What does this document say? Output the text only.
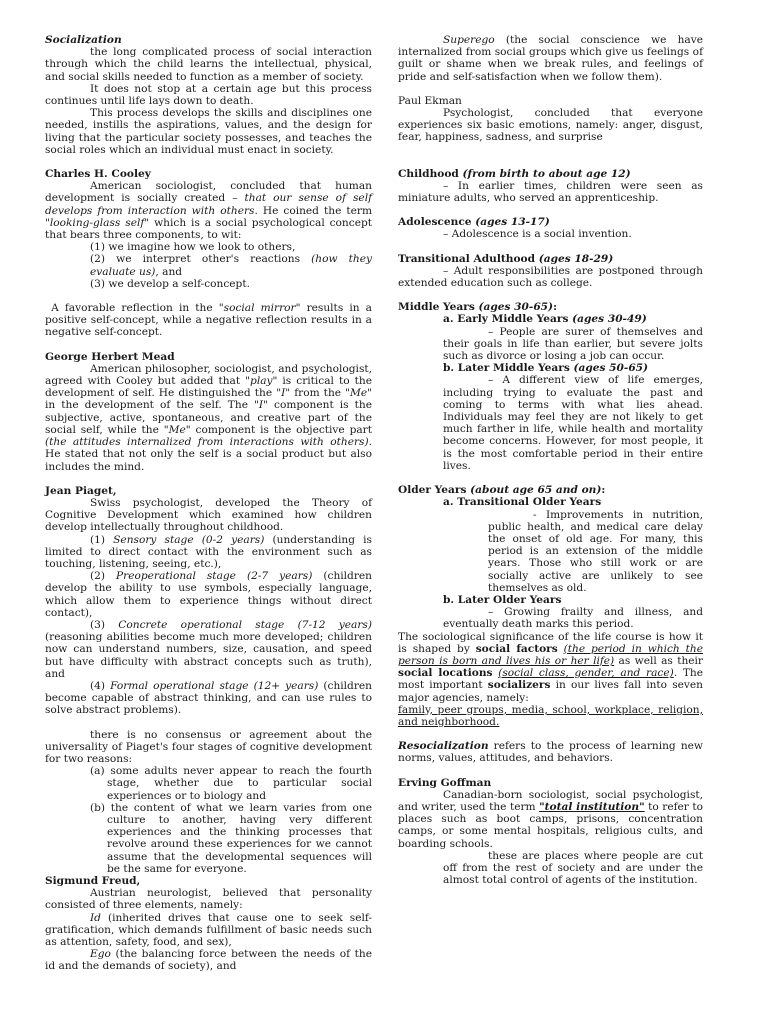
Socialization

the long complicated process of social interaction through which the child learns the intellectual, physical, and social skills needed to function as a member of society.

It does not stop at a certain age but this process continues until life lays down to death.

This process develops the skills and disciplines one needed, instills the aspirations, values, and the design for living that the particular society possesses, and teaches the social roles which an individual must enact in society.

Charles H. Cooley

American sociologist, concluded that human development is socially created – that our sense of self develops from interaction with others. He coined the term "looking-glass self" which is a social psychological concept that bears three components, to wit:

(1) we imagine how we look to others,

(2) we interpret other's reactions (how they evaluate us), and

(3) we develop a self-concept.

A favorable reflection in the "social mirror" results in a positive self-concept, while a negative reflection results in a negative self-concept.

George Herbert Mead

American philosopher, sociologist, and psychologist, agreed with Cooley but added that "play" is critical to the development of self. He distinguished the "I" from the "Me" in the development of the self. The "I" component is the subjective, active, spontaneous, and creative part of the social self, while the "Me" component is the objective part (the attitudes internalized from interactions with others). He stated that not only the self is a social product but also includes the mind.

Jean Piaget,

Swiss psychologist, developed the Theory of Cognitive Development which examined how children develop intellectually throughout childhood.

(1) Sensory stage (0-2 years) (understanding is limited to direct contact with the environment such as touching, listening, seeing, etc.),

(2) Preoperational stage (2-7 years) (children develop the ability to use symbols, especially language, which allow them to experience things without direct contact),

(3) Concrete operational stage (7-12 years) (reasoning abilities become much more developed; children now can understand numbers, size, causation, and speed but have difficulty with abstract concepts such as truth), and

(4) Formal operational stage (12+ years) (children become capable of abstract thinking, and can use rules to solve abstract problems).

there is no consensus or agreement about the universality of Piaget's four stages of cognitive development for two reasons:

(a) some adults never appear to reach the fourth stage, whether due to particular social experiences or to biology and

(b) the content of what we learn varies from one culture to another, having very different experiences and the thinking processes that revolve around these experiences for we cannot assume that the developmental sequences will be the same for everyone.

Sigmund Freud,

Austrian neurologist, believed that personality consisted of three elements, namely:

Id (inherited drives that cause one to seek self-gratification, which demands fulfillment of basic needs such as attention, safety, food, and sex),

Ego (the balancing force between the needs of the id and the demands of society), and

Superego (the social conscience we have internalized from social groups which give us feelings of guilt or shame when we break rules, and feelings of pride and self-satisfaction when we follow them).

Paul Ekman

Psychologist, concluded that everyone experiences six basic emotions, namely: anger, disgust, fear, happiness, sadness, and surprise

Childhood (from birth to about age 12)

– In earlier times, children were seen as miniature adults, who served an apprenticeship.

Adolescence (ages 13-17)

– Adolescence is a social invention.

Transitional Adulthood (ages 18-29)

– Adult responsibilities are postponed through extended education such as college.

Middle Years (ages 30-65):

a. Early Middle Years (ages 30-49)

– People are surer of themselves and their goals in life than earlier, but severe jolts such as divorce or losing a job can occur.

b. Later Middle Years (ages 50-65)

– A different view of life emerges, including trying to evaluate the past and coming to terms with what lies ahead. Individuals may feel they are not likely to get much farther in life, while health and mortality become concerns. However, for most people, it is the most comfortable period in their entire lives.

Older Years (about age 65 and on):

a. Transitional Older Years

- Improvements in nutrition, public health, and medical care delay the onset of old age. For many, this period is an extension of the middle years. Those who still work or are socially active are unlikely to see themselves as old.

b. Later Older Years

– Growing frailty and illness, and eventually death marks this period.

The sociological significance of the life course is how it is shaped by social factors (the period in which the person is born and lives his or her life) as well as their social locations (social class, gender, and race). The most important socializers in our lives fall into seven major agencies, namely:

family, peer groups, media, school, workplace, religion, and neighborhood.

Resocialization refers to the process of learning new norms, values, attitudes, and behaviors.

Erving Goffman

Canadian-born sociologist, social psychologist, and writer, used the term "total institution" to refer to places such as boot camps, prisons, concentration camps, or some mental hospitals, religious cults, and boarding schools.

these are places where people are cut off from the rest of society and are under the almost total control of agents of the institution.
